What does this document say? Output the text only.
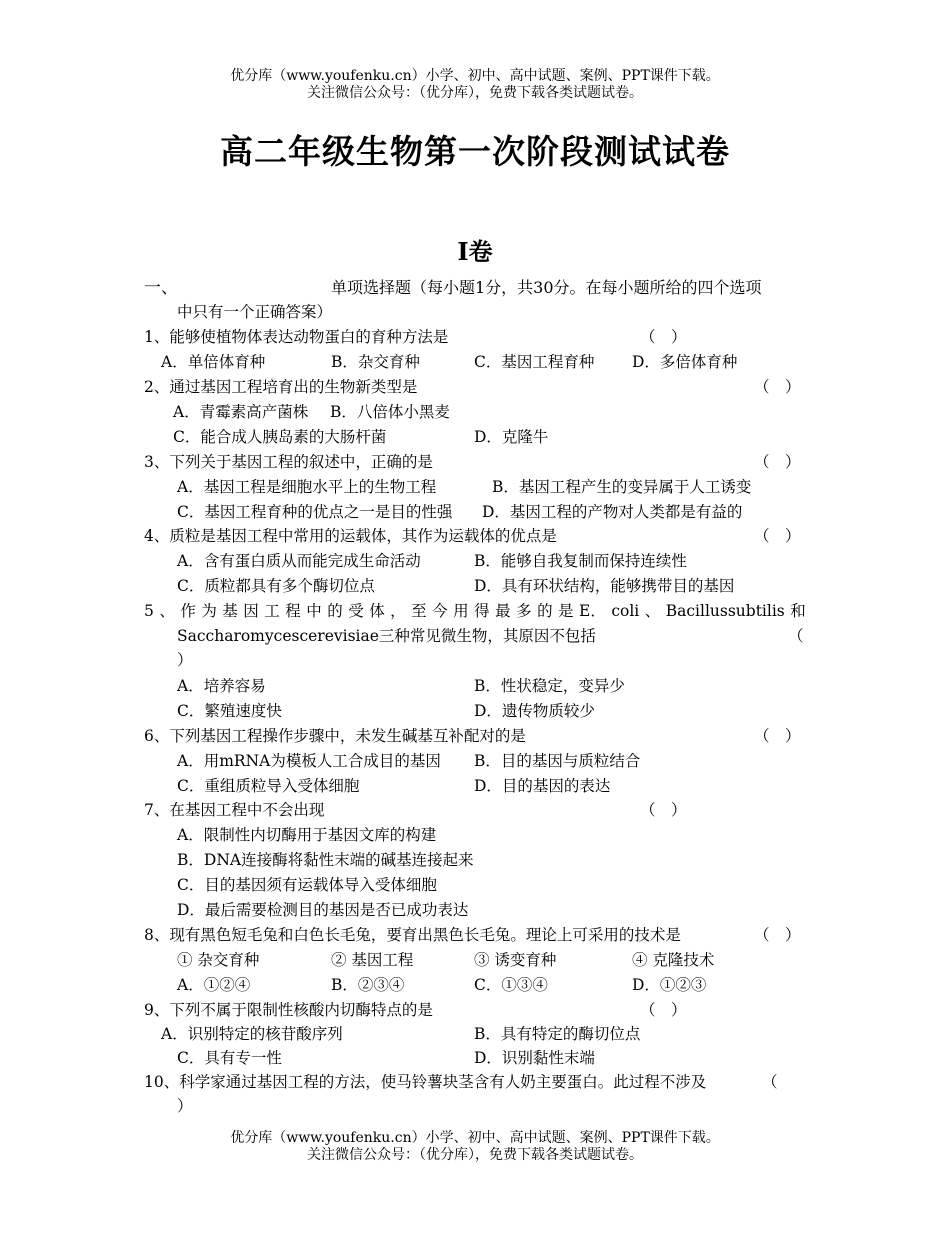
优分库（www.youfenku.cn）小学、初中、高中试题、案例、PPT课件下载。
关注微信公众号：（优分库），免费下载各类试题试卷。
高二年级生物第一次阶段测试试卷
I卷
一、	单项选择题（每小题1分，共30分。在每小题所给的四个选项
中只有一个正确答案）
1、能够使植物体表达动物蛋白的育种方法是	（　）
A．单倍体育种	B．杂交育种	C．基因工程育种 D．多倍体育种
2、通过基因工程培育出的生物新类型是	（　）
A．青霉素高产菌株 B．八倍体小黑麦
C．能合成人胰岛素的大肠杆菌	D．克隆牛
3、下列关于基因工程的叙述中，正确的是	（　）
A．基因工程是细胞水平上的生物工程	B．基因工程产生的变异属于人工诱变
C．基因工程育种的优点之一是目的性强 D．基因工程的产物对人类都是有益的
4、质粒是基因工程中常用的运载体，其作为运载体的优点是	（　）
A．含有蛋白质从而能完成生命活动	B．能够自我复制而保持连续性
C．质粒都具有多个酶切位点	D．具有环状结构，能够携带目的基因
5 、 作 为 基 因 工 程 中 的 受 体 ， 至 今 用 得 最 多 的 是 E． coli 、 Bacillussubtilis 和
Saccharomycescerevisiae三种常见微生物，其原因不包括	（
）
A．培养容易	B．性状稳定，变异少
C．繁殖速度快	D．遗传物质较少
6、下列基因工程操作步骤中，未发生碱基互补配对的是	（　）
A．用mRNA为模板人工合成目的基因 B．目的基因与质粒结合
C．重组质粒导入受体细胞	D．目的基因的表达
7、在基因工程中不会出现	（　）
A．限制性内切酶用于基因文库的构建
B．DNA连接酶将黏性末端的碱基连接起来
C．目的基因须有运载体导入受体细胞
D．最后需要检测目的基因是否已成功表达
8、现有黑色短毛兔和白色长毛兔，要育出黑色长毛兔。理论上可采用的技术是	（　）
① 杂交育种	② 基因工程	③ 诱变育种	④ 克隆技术
A．①②④	B．②③④	C．①③④	D．①②③
9、下列不属于限制性核酸内切酶特点的是	（　）
A．识别特定的核苷酸序列	B．具有特定的酶切位点
C．具有专一性	D．识别黏性末端
10、科学家通过基因工程的方法，使马铃薯块茎含有人奶主要蛋白。此过程不涉及	（
）
优分库（www.youfenku.cn）小学、初中、高中试题、案例、PPT课件下载。
关注微信公众号：（优分库），免费下载各类试题试卷。
